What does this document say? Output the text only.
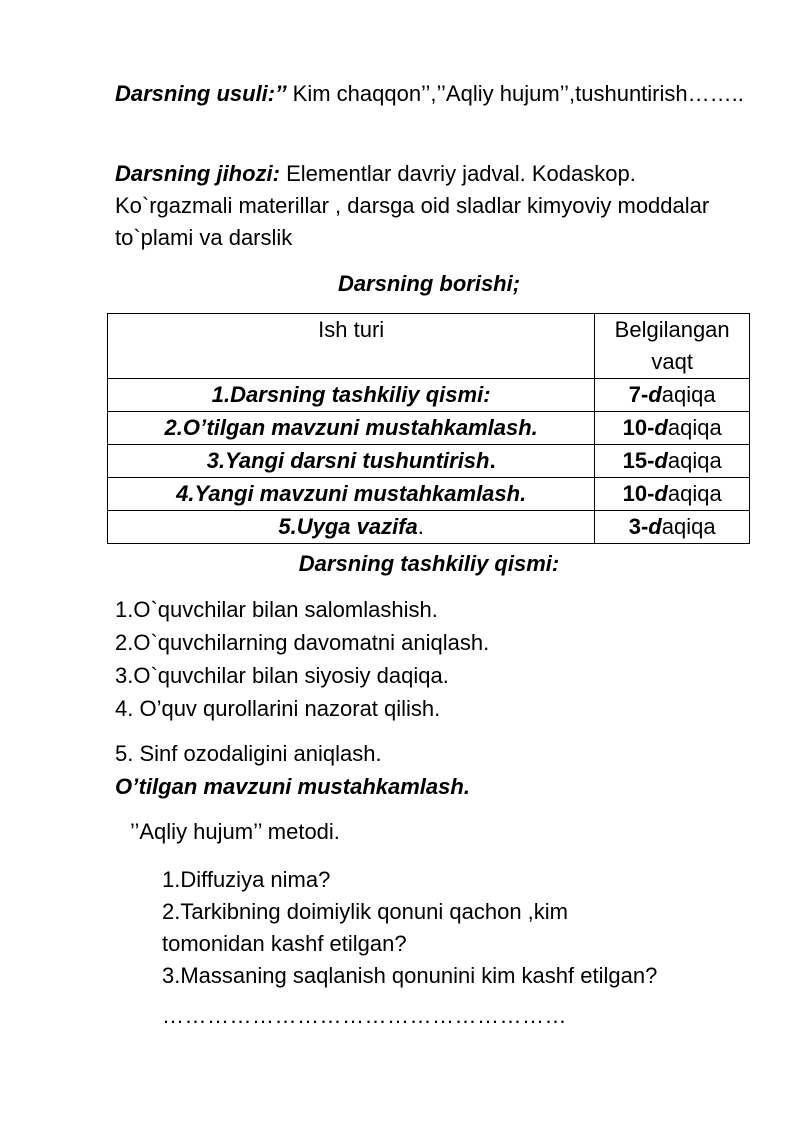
Darsning usuli:’’ Kim chaqqon’’,’’Aqliy hujum’’,tushuntirish……..
Darsning jihozi: Elementlar davriy jadval. Kodaskop. Ko`rgazmali materillar , darsga oid sladlar kimyoviy moddalar to`plami va darslik
Darsning borishi;
Ish turi	Belgilangan vaqt
1.Darsning tashkiliy qismi:	7-daqiqa
2.O’tilgan mavzuni mustahkamlash.	10-daqiqa
3.Yangi darsni tushuntirish.	15-daqiqa
4.Yangi mavzuni mustahkamlash.	10-daqiqa
5.Uyga vazifa.	3-daqiqa
Darsning tashkiliy qismi:
1.O`quvchilar bilan salomlashish.
2.O`quvchilarning davomatni aniqlash.
3.O`quvchilar bilan siyosiy daqiqa.
4. O’quv qurollarini nazorat qilish.
5. Sinf ozodaligini aniqlash.
O’tilgan mavzuni mustahkamlash.
’’Aqliy hujum’’ metodi.
1.Diffuziya nima?
2.Tarkibning doimiylik qonuni qachon ,kim
tomonidan kashf etilgan?
3.Massaning saqlanish qonunini kim kashf etilgan?
………………………………………………
